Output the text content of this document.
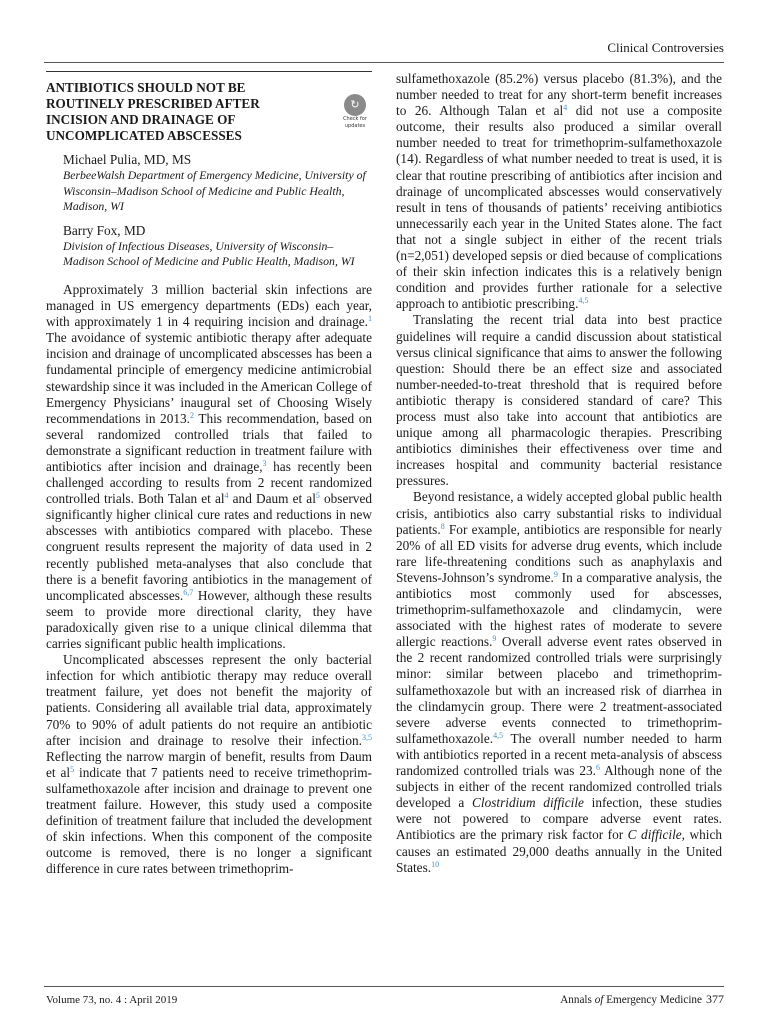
Clinical Controversies
ANTIBIOTICS SHOULD NOT BE ROUTINELY PRESCRIBED AFTER INCISION AND DRAINAGE OF UNCOMPLICATED ABSCESSES
↻
Check for
updates
Michael Pulia, MD, MS
BerbeeWalsh Department of Emergency Medicine, University of Wisconsin–Madison School of Medicine and Public Health, Madison, WI
Barry Fox, MD
Division of Infectious Diseases, University of Wisconsin–Madison School of Medicine and Public Health, Madison, WI

Approximately 3 million bacterial skin infections are managed in US emergency departments (EDs) each year, with approximately 1 in 4 requiring incision and drainage.$^1$ The avoidance of systemic antibiotic therapy after adequate incision and drainage of uncomplicated abscesses has been a fundamental principle of emergency medicine antimicrobial stewardship since it was included in the American College of Emergency Physicians’ inaugural set of Choosing Wisely recommendations in 2013.$^2$ This recommendation, based on several randomized controlled trials that failed to demonstrate a significant reduction in treatment failure with antibiotics after incision and drainage,$^3$ has recently been challenged according to results from 2 recent randomized controlled trials. Both Talan et al$^4$ and Daum et al$^5$ observed significantly higher clinical cure rates and reductions in new abscesses with antibiotics compared with placebo. These congruent results represent the majority of data used in 2 recently published meta-analyses that also conclude that there is a benefit favoring antibiotics in the management of uncomplicated abscesses.$^{6,7}$ However, although these results seem to provide more directional clarity, they have paradoxically given rise to a unique clinical dilemma that carries significant public health implications.

Uncomplicated abscesses represent the only bacterial infection for which antibiotic therapy may reduce overall treatment failure, yet does not benefit the majority of patients. Considering all available trial data, approximately 70% to 90% of adult patients do not require an antibiotic after incision and drainage to resolve their infection.$^{3,5}$ Reflecting the narrow margin of benefit, results from Daum et al$^5$ indicate that 7 patients need to receive trimethoprim-sulfamethoxazole after incision and drainage to prevent one treatment failure. However, this study used a composite definition of treatment failure that included the development of skin infections. When this component of the composite outcome is removed, there is no longer a significant difference in cure rates between trimethoprim-

sulfamethoxazole (85.2%) versus placebo (81.3%), and the number needed to treat for any short-term benefit increases to 26. Although Talan et al$^4$ did not use a composite outcome, their results also produced a similar overall number needed to treat for trimethoprim-sulfamethoxazole (14). Regardless of what number needed to treat is used, it is clear that routine prescribing of antibiotics after incision and drainage of uncomplicated abscesses would conservatively result in tens of thousands of patients’ receiving antibiotics unnecessarily each year in the United States alone. The fact that not a single subject in either of the recent trials (n=2,051) developed sepsis or died because of complications of their skin infection indicates this is a relatively benign condition and provides further rationale for a selective approach to antibiotic prescribing.$^{4,5}$

Translating the recent trial data into best practice guidelines will require a candid discussion about statistical versus clinical significance that aims to answer the following question: Should there be an effect size and associated number-needed-to-treat threshold that is required before antibiotic therapy is considered standard of care? This process must also take into account that antibiotics are unique among all pharmacologic therapies. Prescribing antibiotics diminishes their effectiveness over time and increases hospital and community bacterial resistance pressures.

Beyond resistance, a widely accepted global public health crisis, antibiotics also carry substantial risks to individual patients.$^8$ For example, antibiotics are responsible for nearly 20% of all ED visits for adverse drug events, which include rare life-threatening conditions such as anaphylaxis and Stevens-Johnson’s syndrome.$^9$ In a comparative analysis, the antibiotics most commonly used for abscesses, trimethoprim-sulfamethoxazole and clindamycin, were associated with the highest rates of moderate to severe allergic reactions.$^9$ Overall adverse event rates observed in the 2 recent randomized controlled trials were surprisingly minor: similar between placebo and trimethoprim-sulfamethoxazole but with an increased risk of diarrhea in the clindamycin group. There were 2 treatment-associated severe adverse events connected to trimethoprim-sulfamethoxazole.$^{4,5}$ The overall number needed to harm with antibiotics reported in a recent meta-analysis of abscess randomized controlled trials was 23.$^6$ Although none of the subjects in either of the recent randomized controlled trials developed a Clostridium difficile infection, these studies were not powered to compare adverse event rates. Antibiotics are the primary risk factor for C difficile, which causes an estimated 29,000 deaths annually in the United States.$^{10}$

Volume 73, no. 4 : April 2019	Annals of Emergency Medicine 377
